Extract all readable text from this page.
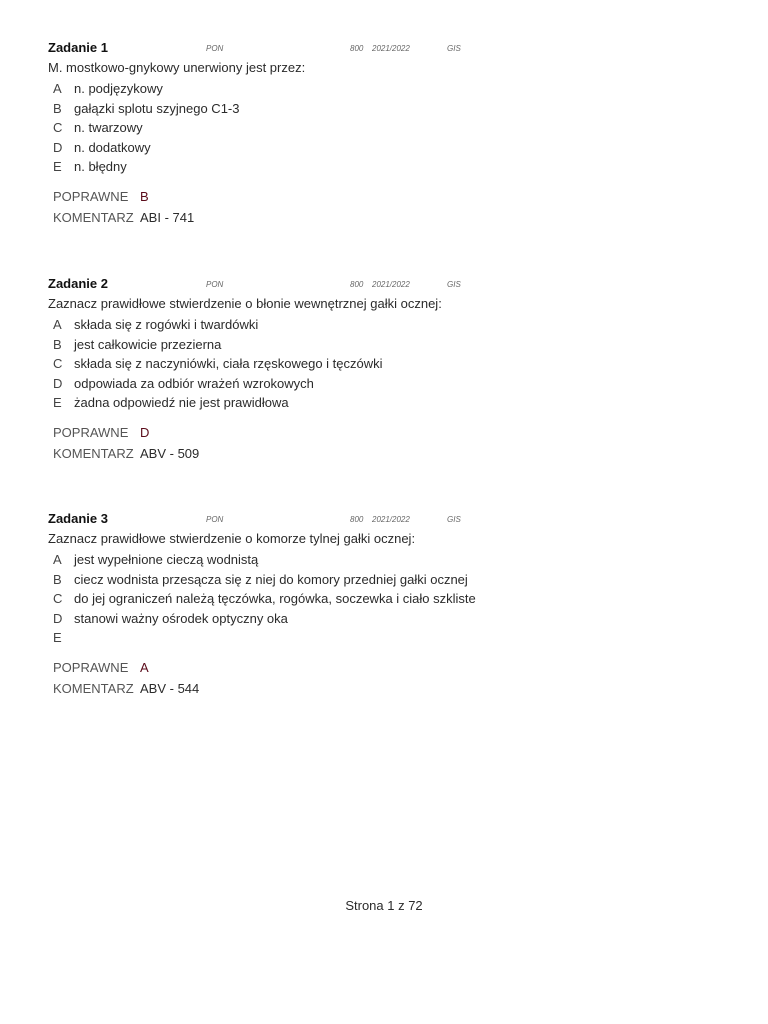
Zadanie 1	PON	800 2021/2022	GIS
M. mostkowo-gnykowy unerwiony jest przez:
A n. podjęzykowy
B gałązki splotu szyjnego C1-3
C n. twarzowy
D n. dodatkowy
E n. błędny
POPRAWNE B
KOMENTARZ ABI - 741
Zadanie 2	PON	800 2021/2022	GIS
Zaznacz prawidłowe stwierdzenie o błonie wewnętrznej gałki ocznej:
A składa się z rogówki i twardówki
B jest całkowicie przezierna
C składa się z naczyniówki, ciała rzęskowego i tęczówki
D odpowiada za odbiór wrażeń wzrokowych
E żadna odpowiedź nie jest prawidłowa
POPRAWNE D
KOMENTARZ ABV - 509
Zadanie 3	PON	800 2021/2022	GIS
Zaznacz prawidłowe stwierdzenie o komorze tylnej gałki ocznej:
A jest wypełnione cieczą wodnistą
B ciecz wodnista przesącza się z niej do komory przedniej gałki ocznej
C do jej ograniczeń należą tęczówka, rogówka, soczewka i ciało szkliste
D stanowi ważny ośrodek optyczny oka
E
POPRAWNE A
KOMENTARZ ABV - 544
Strona 1 z 72
